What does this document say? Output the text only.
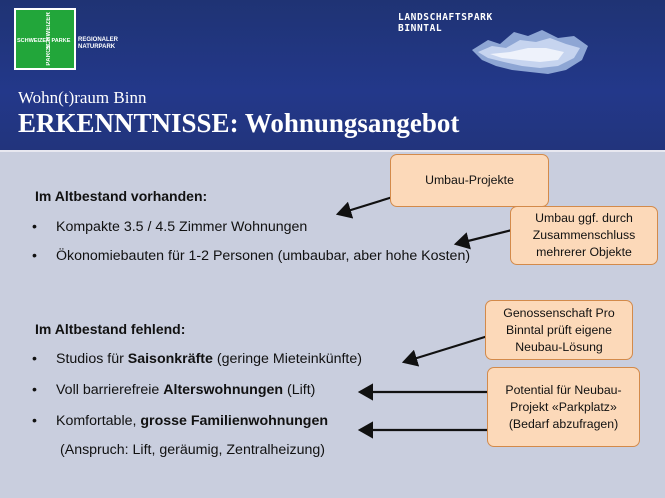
SCHWEIZER
PARCS
SCHWEIZER PARKE REGIONALER
NATURPARK
LANDSCHAFTSPARK
BINNTAL
Wohn(t)raum Binn
ERKENNTNISSE: Wohnungsangebot
Im Altbestand vorhanden:
• Kompakte 3.5 / 4.5 Zimmer Wohnungen
• Ökonomiebauten für 1-2 Personen (umbaubar, aber hohe Kosten)
Im Altbestand fehlend:
• Studios für Saisonkräfte (geringe Mieteinkünfte)
• Voll barrierefreie Alterswohnungen (Lift)
• Komfortable, grosse Familienwohnungen
(Anspruch: Lift, geräumig, Zentralheizung)
Umbau-Projekte
Umbau ggf. durch Zusammenschluss mehrerer Objekte
Genossenschaft Pro Binntal prüft eigene Neubau-Lösung
Potential für Neubau-Projekt «Parkplatz» (Bedarf abzufragen)
